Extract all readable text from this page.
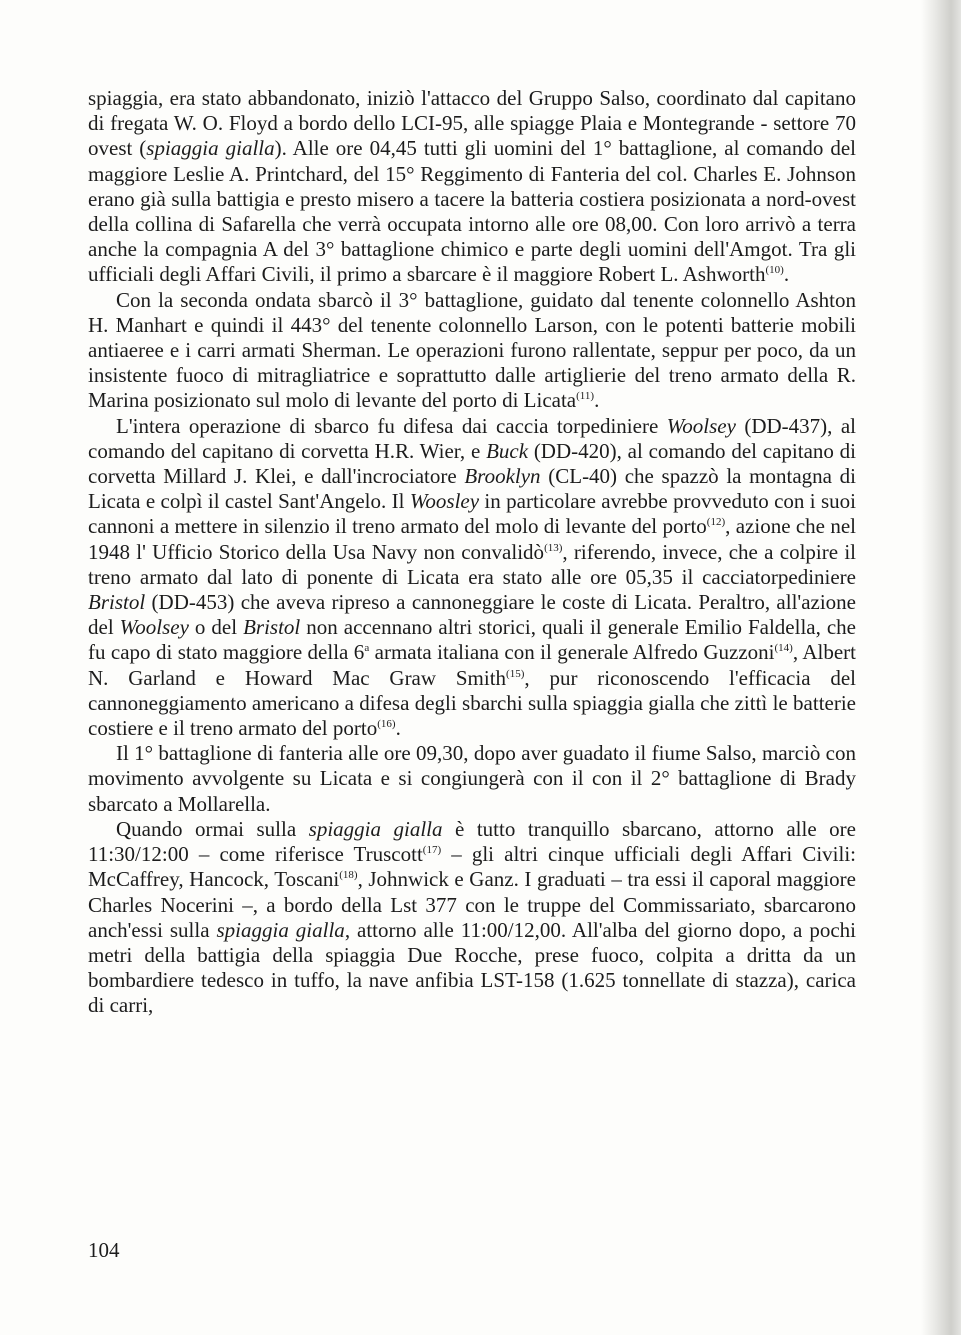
spiaggia, era stato abbandonato, iniziò l'attacco del Gruppo Salso, coordinato dal capitano di fregata W. O. Floyd a bordo dello LCI-95, alle spiagge Plaia e Montegrande - settore 70 ovest (spiaggia gialla). Alle ore 04,45 tutti gli uomini del 1° battaglione, al comando del maggiore Leslie A. Printchard, del 15° Reggimento di Fanteria del col. Charles E. Johnson erano già sulla battigia e presto misero a tacere la batteria costiera posizionata a nord-ovest della collina di Safarella che verrà occupata intorno alle ore 08,00. Con loro arrivò a terra anche la compagnia A del 3° battaglione chimico e parte degli uomini dell'Amgot. Tra gli ufficiali degli Affari Civili, il primo a sbarcare è il maggiore Robert L. Ashworth$^{(10)}$.

Con la seconda ondata sbarcò il 3° battaglione, guidato dal tenente colonnello Ashton H. Manhart e quindi il 443° del tenente colonnello Larson, con le potenti batterie mobili antiaeree e i carri armati Sherman. Le operazioni furono rallentate, seppur per poco, da un insistente fuoco di mitragliatrice e soprattutto dalle artiglierie del treno armato della R. Marina posizionato sul molo di levante del porto di Licata$^{(11)}$.

L'intera operazione di sbarco fu difesa dai caccia torpediniere Woolsey (DD-437), al comando del capitano di corvetta H.R. Wier, e Buck (DD-420), al comando del capitano di corvetta Millard J. Klei, e dall'incrociatore Brooklyn (CL-40) che spazzò la montagna di Licata e colpì il castel Sant'Angelo. Il Woosley in particolare avrebbe provveduto con i suoi cannoni a mettere in silenzio il treno armato del molo di levante del porto$^{(12)}$, azione che nel 1948 l' Ufficio Storico della Usa Navy non convalidò$^{(13)}$, riferendo, invece, che a colpire il treno armato dal lato di ponente di Licata era stato alle ore 05,35 il cacciatorpediniere Bristol (DD-453) che aveva ripreso a cannoneggiare le coste di Licata. Peraltro, all'azione del Woolsey o del Bristol non accennano altri storici, quali il generale Emilio Faldella, che fu capo di stato maggiore della 6$^a$ armata italiana con il generale Alfredo Guzzoni$^{(14)}$, Albert N. Garland e Howard Mac Graw Smith$^{(15)}$, pur riconoscendo l'efficacia del cannoneggiamento americano a difesa degli sbarchi sulla spiaggia gialla che zittì le batterie costiere e il treno armato del porto$^{(16)}$.

Il 1° battaglione di fanteria alle ore 09,30, dopo aver guadato il fiume Salso, marciò con movimento avvolgente su Licata e si congiungerà con il con il 2° battaglione di Brady sbarcato a Mollarella.

Quando ormai sulla spiaggia gialla è tutto tranquillo sbarcano, attorno alle ore 11:30/12:00 – come riferisce Truscott$^{(17)}$ – gli altri cinque ufficiali degli Affari Civili: McCaffrey, Hancock, Toscani$^{(18)}$, Johnwick e Ganz. I graduati – tra essi il caporal maggiore Charles Nocerini –, a bordo della Lst 377 con le truppe del Commissariato, sbarcarono anch'essi sulla spiaggia gialla, attorno alle 11:00/12,00. All'alba del giorno dopo, a pochi metri della battigia della spiaggia Due Rocche, prese fuoco, colpita a dritta da un bombardiere tedesco in tuffo, la nave anfibia LST-158 (1.625 tonnellate di stazza), carica di carri,

104
